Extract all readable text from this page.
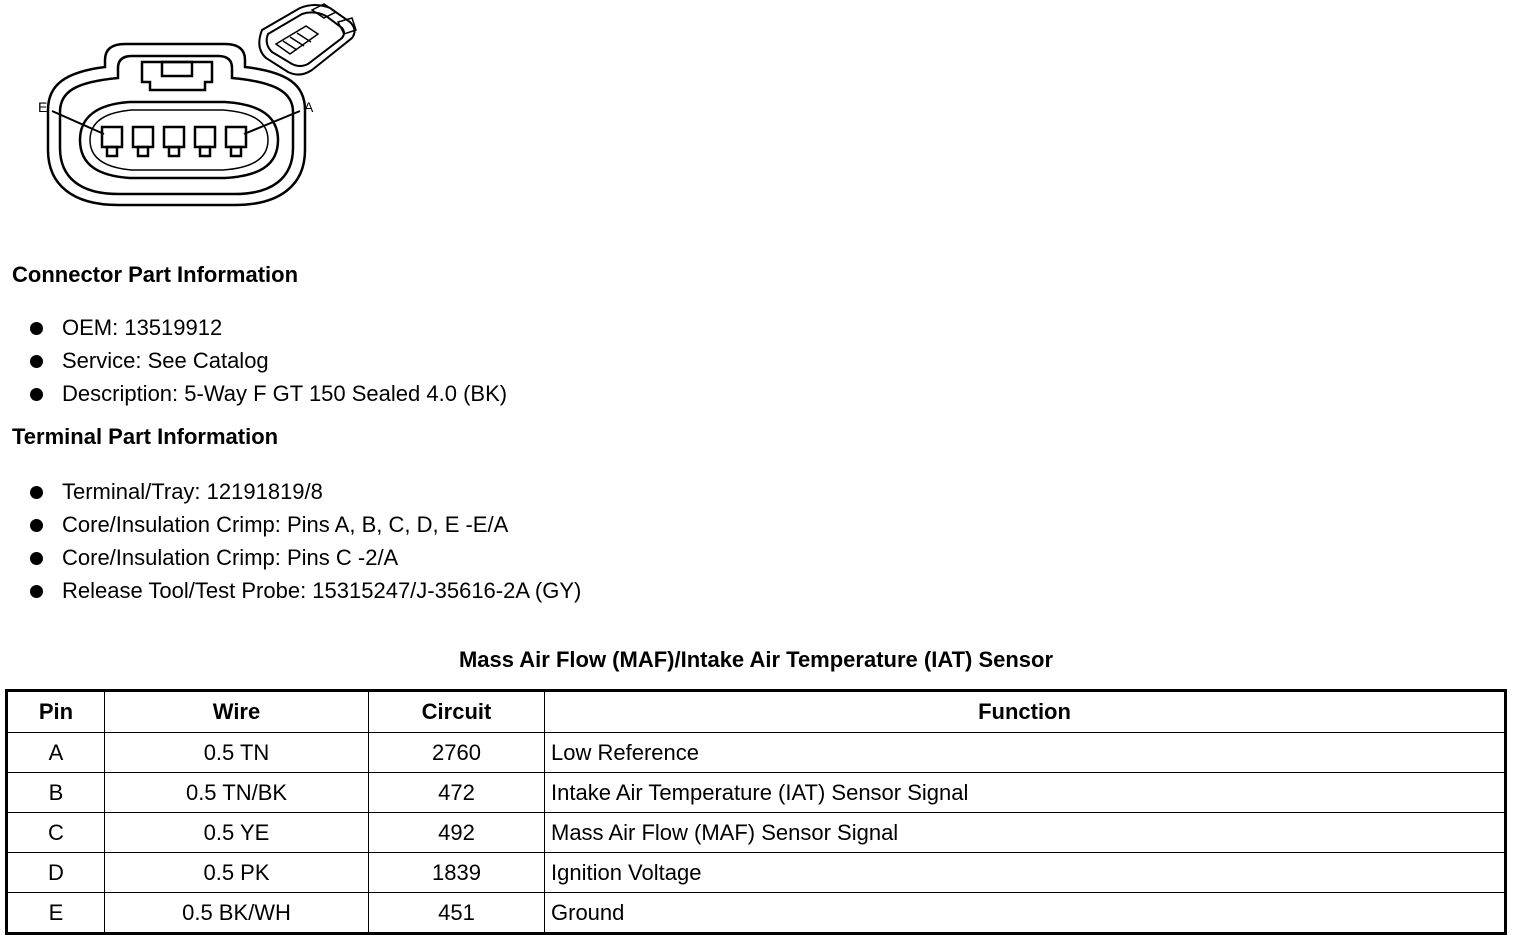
E	A
Connector Part Information
OEM: 13519912
Service: See Catalog
Description: 5-Way F GT 150 Sealed 4.0 (BK)
Terminal Part Information
Terminal/Tray: 12191819/8
Core/Insulation Crimp: Pins A, B, C, D, E -E/A
Core/Insulation Crimp: Pins C -2/A
Release Tool/Test Probe: 15315247/J-35616-2A (GY)
Mass Air Flow (MAF)/Intake Air Temperature (IAT) Sensor
Pin	Wire	Circuit	Function
A	0.5 TN	2760	Low Reference
B	0.5 TN/BK	472	Intake Air Temperature (IAT) Sensor Signal
C	0.5 YE	492	Mass Air Flow (MAF) Sensor Signal
D	0.5 PK	1839	Ignition Voltage
E	0.5 BK/WH	451	Ground
